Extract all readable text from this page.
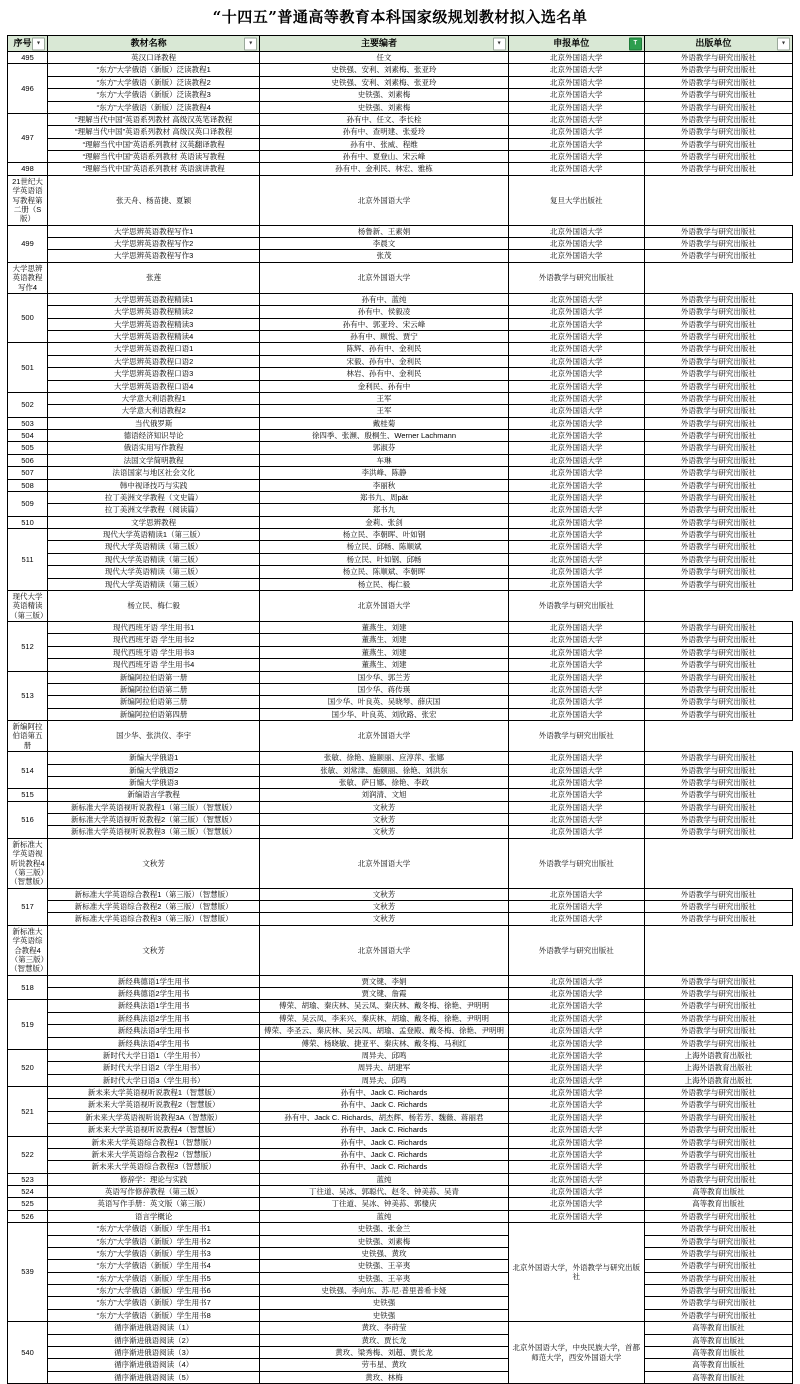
“十四五”普通高等教育本科国家级规划教材拟入选名单
序号 ▾	教材名称 ▾	主要编者 ▾	申报单位 T	出版单位 ▾

495	英汉口译教程	任文	北京外国语大学	外语教学与研究出版社
496	“东方”大学俄语（新版）泛读教程1	史铁强、安利、刘素梅、张亚玲	北京外国语大学	外语教学与研究出版社
	“东方”大学俄语（新版）泛读教程2	史铁强、安利、刘素梅、张亚玲	北京外国语大学	外语教学与研究出版社
	“东方”大学俄语（新版）泛读教程3	史铁强、刘素梅	北京外国语大学	外语教学与研究出版社
	“东方”大学俄语（新版）泛读教程4	史铁强、刘素梅	北京外国语大学	外语教学与研究出版社
497	“理解当代中国”英语系列教材 高级汉英笔译教程	孙有中、任文、李长栓	北京外国语大学	外语教学与研究出版社
	“理解当代中国”英语系列教材 高级汉英口译教程	孙有中、查明建、张爱玲	北京外国语大学	外语教学与研究出版社
	“理解当代中国”英语系列教材 汉英翻译教程	孙有中、张威、程维	北京外国语大学	外语教学与研究出版社
	“理解当代中国”英语系列教材 英语读写教程	孙有中、夏登山、宋云峰	北京外国语大学	外语教学与研究出版社
498	“理解当代中国”英语系列教材 英语演讲教程	孙有中、金利民、林宏、雅栋	北京外国语大学	外语教学与研究出版社
21世纪大学英语语写教程第二册（S版）	张天舟、杨苗捷、夏颖	北京外国语大学	复旦大学出版社	
499	大学思辨英语教程写作1	杨鲁新、王素娟	北京外国语大学	外语教学与研究出版社
	大学思辨英语教程写作2	李晨文	北京外国语大学	外语教学与研究出版社
	大学思辨英语教程写作3	张茂	北京外国语大学	外语教学与研究出版社
大学思辨英语教程写作4	张莲	北京外国语大学	外语教学与研究出版社	
500	大学思辨英语教程精读1	孙有中、蓝纯	北京外国语大学	外语教学与研究出版社
	大学思辨英语教程精读2	孙有中、侯毅凌	北京外国语大学	外语教学与研究出版社
	大学思辨英语教程精读3	孙有中、郭亚玲、宋云峰	北京外国语大学	外语教学与研究出版社
	大学思辨英语教程精读4	孙有中、顾悦、贾宁	北京外国语大学	外语教学与研究出版社
501	大学思辨英语教程口语1	陈辉、孙有中、金利民	北京外国语大学	外语教学与研究出版社
	大学思辨英语教程口语2	宋毅、孙有中、金利民	北京外国语大学	外语教学与研究出版社
	大学思辨英语教程口语3	林岩、孙有中、金利民	北京外国语大学	外语教学与研究出版社
	大学思辨英语教程口语4	金利民、孙有中	北京外国语大学	外语教学与研究出版社
502	大学意大利语教程1	王军	北京外国语大学	外语教学与研究出版社
	大学意大利语教程2	王军	北京外国语大学	外语教学与研究出版社
503	当代俄罗斯	戴桂菊	北京外国语大学	外语教学与研究出版社
504	德语经济知识导论	徐四季、张濒、殷桐生、Werner Lachmann	北京外国语大学	外语教学与研究出版社
505	俄语实用写作教程	郭淑芬	北京外国语大学	外语教学与研究出版社
506	法国文学简明教程	车琳	北京外国语大学	外语教学与研究出版社
507	法语国家与地区社会文化	李洪峰、陈静	北京外国语大学	外语教学与研究出版社
508	韩中视译技巧与实践	李丽秋	北京外国语大学	外语教学与研究出版社
509	拉丁美洲文学教程（文史篇）	郑书九、周păt	北京外国语大学	外语教学与研究出版社
	拉丁美洲文学教程（阅读篇）	郑书九	北京外国语大学	外语教学与研究出版社
510	文学思辨教程	金莉、张剑	北京外国语大学	外语教学与研究出版社
511	现代大学英语精读1（第三版）	杨立民、李朝晖、叶如钢	北京外国语大学	外语教学与研究出版社
	现代大学英语精读（第三版）	杨立民、邱畅、陈顺斌	北京外国语大学	外语教学与研究出版社
	现代大学英语精读（第三版）	杨立民、叶如钢、邱畅	北京外国语大学	外语教学与研究出版社
	现代大学英语精读（第三版）	杨立民、陈顺斌、李朝晖	北京外国语大学	外语教学与研究出版社
	现代大学英语精读（第三版）	杨立民、梅仁毅	北京外国语大学	外语教学与研究出版社
现代大学英语精读（第三版）	杨立民、梅仁毅	北京外国语大学	外语教学与研究出版社	
512	现代西班牙语 学生用书1	董燕生、刘建	北京外国语大学	外语教学与研究出版社
	现代西班牙语 学生用书2	董燕生、刘建	北京外国语大学	外语教学与研究出版社
	现代西班牙语 学生用书3	董燕生、刘建	北京外国语大学	外语教学与研究出版社
	现代西班牙语 学生用书4	董燕生、刘建	北京外国语大学	外语教学与研究出版社
513	新编阿拉伯语第一册	国少华、郭兰芳	北京外国语大学	外语教学与研究出版社
	新编阿拉伯语第二册	国少华、蒋传瑛	北京外国语大学	外语教学与研究出版社
	新编阿拉伯语第三册	国少华、叶良英、吴晓琴、薛庆国	北京外国语大学	外语教学与研究出版社
	新编阿拉伯语第四册	国少华、叶良英、刘欣路、张宏	北京外国语大学	外语教学与研究出版社
新编阿拉伯语第五册	国少华、张洪仪、李宇	北京外国语大学	外语教学与研究出版社	
514	新编大学俄语1	张敏、徐艳、施颐丽、应淳萍、张娜	北京外国语大学	外语教学与研究出版社
	新编大学俄语2	张敏、刘常津、施颐丽、徐艳、刘洪东	北京外国语大学	外语教学与研究出版社
	新编大学俄语3	张敏、萨日娜、徐艳、李政	北京外国语大学	外语教学与研究出版社
515	新编语言学教程	刘润清、文旭	北京外国语大学	外语教学与研究出版社
516	新标准大学英语视听说教程1（第三版）（智慧版）	文秋芳	北京外国语大学	外语教学与研究出版社
	新标准大学英语视听说教程2（第三版）（智慧版）	文秋芳	北京外国语大学	外语教学与研究出版社
	新标准大学英语视听说教程3（第三版）（智慧版）	文秋芳	北京外国语大学	外语教学与研究出版社
新标准大学英语视听说教程4（第三版）（智慧版）	文秋芳	北京外国语大学	外语教学与研究出版社	
517	新标准大学英语综合教程1（第三版）（智慧版）	文秋芳	北京外国语大学	外语教学与研究出版社
	新标准大学英语综合教程2（第三版）（智慧版）	文秋芳	北京外国语大学	外语教学与研究出版社
	新标准大学英语综合教程3（第三版）（智慧版）	文秋芳	北京外国语大学	外语教学与研究出版社
新标准大学英语综合教程4（第三版）（智慧版）	文秋芳	北京外国语大学	外语教学与研究出版社	
518	新经典德语1学生用书	贾文键、李娟	北京外国语大学	外语教学与研究出版社
	新经典德语2学生用书	贾文键、詹霞	北京外国语大学	外语教学与研究出版社
519	新经典法语1学生用书	傅荣、胡瑜、秦庆林、吴云凤、秦庆林、戴冬梅、徐艳、尹明明	北京外国语大学	外语教学与研究出版社
	新经典法语2学生用书	傅荣、吴云凤、李来兴、秦庆林、胡瑜、戴冬梅、徐艳、尹明明	北京外国语大学	外语教学与研究出版社
	新经典法语3学生用书	傅荣、李圣云、秦庆林、吴云凤、胡瑜、孟登殿、戴冬梅、徐艳、尹明明	北京外国语大学	外语教学与研究出版社
	新经典法语4学生用书	傅荣、杨晓敏、捷亚平、秦庆林、戴冬梅、马利红	北京外国语大学	外语教学与研究出版社
520	新时代大学日语1（学生用书）	周异夫、邱鸣	北京外国语大学	上海外语教育出版社
	新时代大学日语2（学生用书）	周异夫、胡建军	北京外国语大学	上海外语教育出版社
	新时代大学日语3（学生用书）	周异夫、邱鸣	北京外国语大学	上海外语教育出版社
521	新未来大学英语视听说教程1（智慧版）	孙有中、Jack C. Richards	北京外国语大学	外语教学与研究出版社
	新未来大学英语视听说教程2（智慧版）	孙有中、Jack C. Richards	北京外国语大学	外语教学与研究出版社
	新未来大学英语视听说教程3A（智慧版）	孙有中、Jack C. Richards、胡杰辉、杨若芳、魏薇、蒋丽君	北京外国语大学	外语教学与研究出版社
	新未来大学英语视听说教程4（智慧版）	孙有中、Jack C. Richards	北京外国语大学	外语教学与研究出版社
522	新未来大学英语综合教程1（智慧版）	孙有中、Jack C. Richards	北京外国语大学	外语教学与研究出版社
	新未来大学英语综合教程2（智慧版）	孙有中、Jack C. Richards	北京外国语大学	外语教学与研究出版社
	新未来大学英语综合教程3（智慧版）	孙有中、Jack C. Richards	北京外国语大学	外语教学与研究出版社
523	修辞学：理论与实践	蓝纯	北京外国语大学	外语教学与研究出版社
524	英语写作修辞教程（第三版）	丁往道、吴冰、郭聪代、赵冬、钟美荪、吴青	北京外国语大学	高等教育出版社
525	英语写作手册：英文版（第三版）	丁往道、吴冰、钟美荪、郭棲庆	北京外国语大学	高等教育出版社
526	语言学概论	蓝纯	北京外国语大学	外语教学与研究出版社
539	“东方”大学俄语（新版）学生用书1	史铁强、张金兰	北京外国语大学，外语教学与研究出版社	外语教学与研究出版社
	“东方”大学俄语（新版）学生用书2	史铁强、刘素梅		外语教学与研究出版社
	“东方”大学俄语（新版）学生用书3	史铁强、黄玫		外语教学与研究出版社
	“东方”大学俄语（新版）学生用书4	史铁强、王辛夷		外语教学与研究出版社
	“东方”大学俄语（新版）学生用书5	史铁强、王辛夷		外语教学与研究出版社
	“东方”大学俄语（新版）学生用书6	史铁强、李向东、苏·尼·普里普希卡娅		外语教学与研究出版社
	“东方”大学俄语（新版）学生用书7	史铁强		外语教学与研究出版社
	“东方”大学俄语（新版）学生用书8	史铁强		外语教学与研究出版社
540	循序渐进俄语阅读（1）	黄玫、李莳莹	北京外国语大学，中央民族大学，首都师范大学，西安外国语大学	高等教育出版社
	循序渐进俄语阅读（2）	黄玫、贾长龙		高等教育出版社
	循序渐进俄语阅读（3）	黄玫、梁秀梅、刘超、贾长龙		高等教育出版社
	循序渐进俄语阅读（4）	劳韦星、黄玫		高等教育出版社
	循序渐进俄语阅读（5）	黄玫、林梅		高等教育出版社
